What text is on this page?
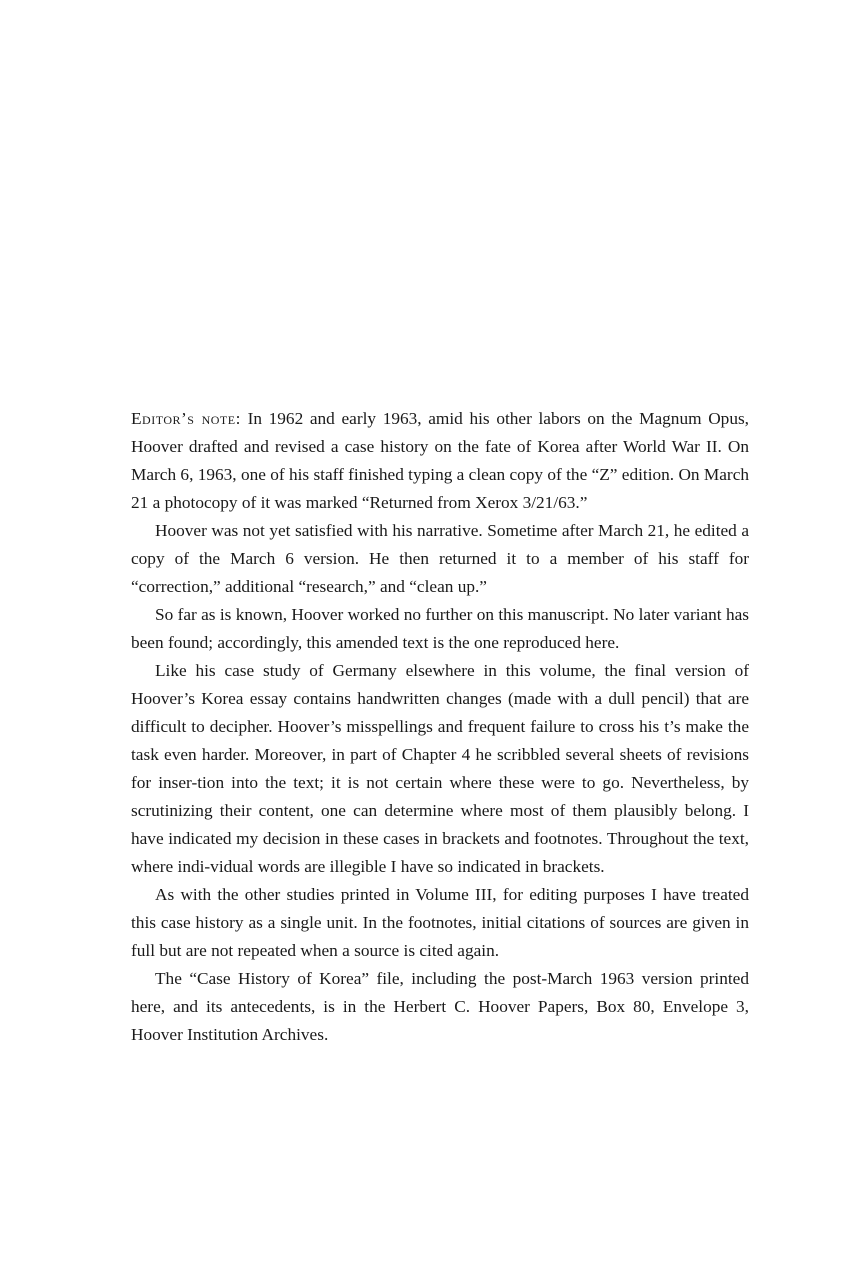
Editor’s note: In 1962 and early 1963, amid his other labors on the Magnum Opus, Hoover drafted and revised a case history on the fate of Korea after World War II. On March 6, 1963, one of his staff finished typing a clean copy of the “Z” edition. On March 21 a photocopy of it was marked “Returned from Xerox 3/21/63.”

Hoover was not yet satisfied with his narrative. Sometime after March 21, he edited a copy of the March 6 version. He then returned it to a member of his staff for “correction,” additional “research,” and “clean up.”

So far as is known, Hoover worked no further on this manuscript. No later variant has been found; accordingly, this amended text is the one reproduced here.

Like his case study of Germany elsewhere in this volume, the final version of Hoover’s Korea essay contains handwritten changes (made with a dull pencil) that are difficult to decipher. Hoover’s misspellings and frequent failure to cross his t’s make the task even harder. Moreover, in part of Chapter 4 he scribbled several sheets of revisions for inser-tion into the text; it is not certain where these were to go. Nevertheless, by scrutinizing their content, one can determine where most of them plausibly belong. I have indicated my decision in these cases in brackets and footnotes. Throughout the text, where indi-vidual words are illegible I have so indicated in brackets.

As with the other studies printed in Volume III, for editing purposes I have treated this case history as a single unit. In the footnotes, initial citations of sources are given in full but are not repeated when a source is cited again.

The “Case History of Korea” file, including the post-March 1963 version printed here, and its antecedents, is in the Herbert C. Hoover Papers, Box 80, Envelope 3, Hoover Institution Archives.
